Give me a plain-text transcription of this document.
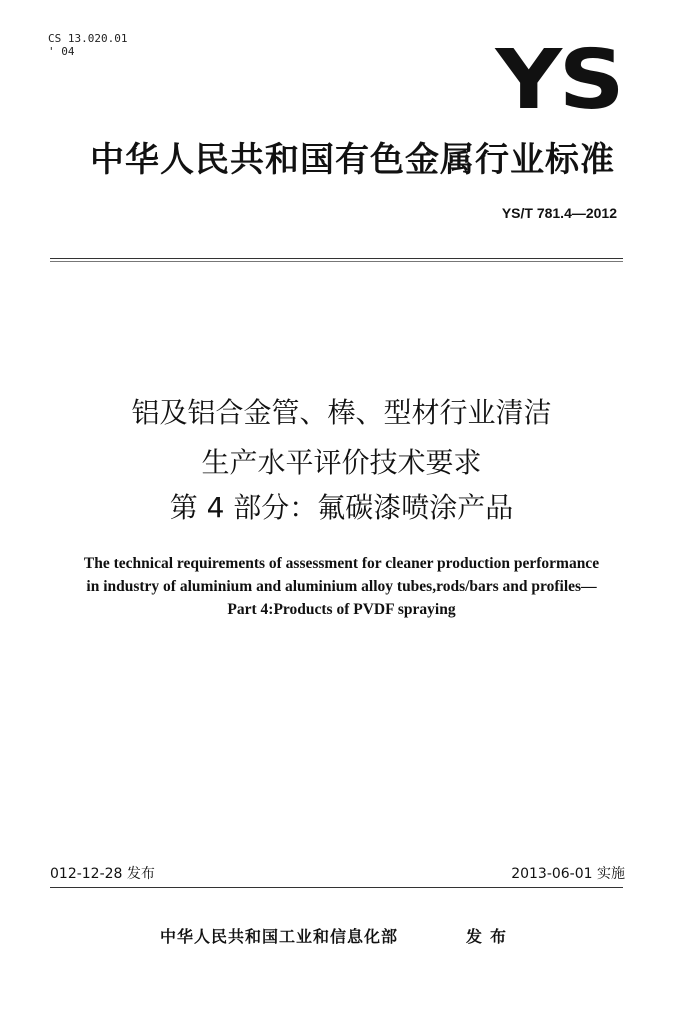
CS 13.020.01
' 04	YS
中华人民共和国有色金属行业标准
YS/T 781.4—2012
铝及铝合金管、棒、型材行业清洁
生产水平评价技术要求
第 4 部分：氟碳漆喷涂产品
The technical requirements of assessment for cleaner production performance
in industry of aluminium and aluminium alloy tubes,rods/bars and profiles—
Part 4:Products of PVDF spraying
012-12-28 发布	2013-06-01 实施
中华人民共和国工业和信息化部	发布
